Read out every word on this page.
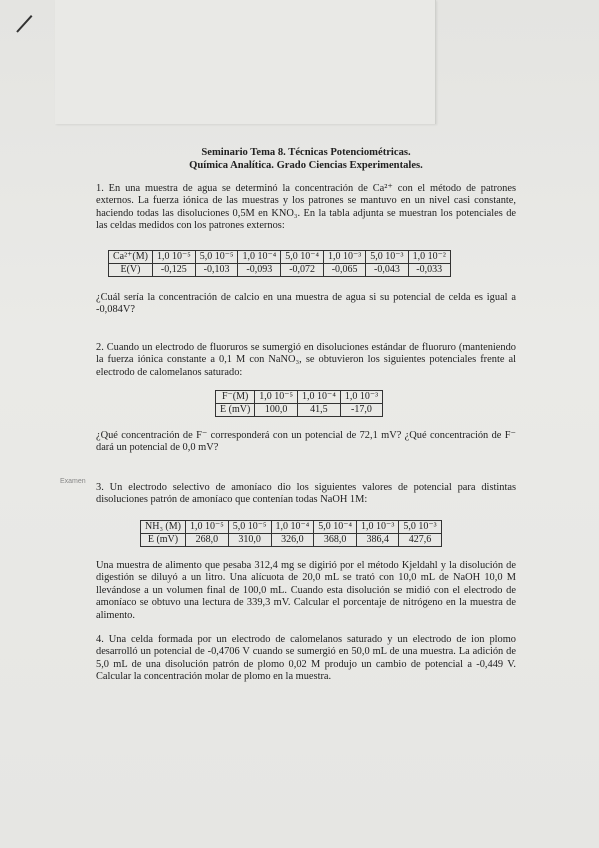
Examen

Seminario Tema 8. Técnicas Potenciométricas.

Química Analítica. Grado Ciencias Experimentales.

1. En una muestra de agua se determinó la concentración de Ca²⁺ con el método de patrones externos. La fuerza iónica de las muestras y los patrones se mantuvo en un nivel casi constante, haciendo todas las disoluciones 0,5M en KNO₃. En la tabla adjunta se muestran los potenciales de las celdas medidos con los patrones externos:

Ca²⁺(M)	1,0 10⁻⁵	5,0 10⁻⁵	1,0 10⁻⁴	5,0 10⁻⁴	1,0 10⁻³	5,0 10⁻³	1,0 10⁻²
E(V)	-0,125	-0,103	-0,093	-0,072	-0,065	-0,043	-0,033

¿Cuál sería la concentración de calcio en una muestra de agua si su potencial de celda es igual a -0,084V?

2. Cuando un electrodo de fluoruros se sumergió en disoluciones estándar de fluoruro (manteniendo la fuerza iónica constante a 0,1 M con NaNO₃, se obtuvieron los siguientes potenciales frente al electrodo de calomelanos saturado:

F⁻(M)	1,0 10⁻⁵	1,0 10⁻⁴	1,0 10⁻³
E (mV)	100,0	41,5	-17,0

¿Qué concentración de F⁻ corresponderá con un potencial de 72,1 mV? ¿Qué concentración de F⁻ dará un potencial de 0,0 mV?

3. Un electrodo selectivo de amoníaco dio los siguientes valores de potencial para distintas disoluciones patrón de amoníaco que contenían todas NaOH 1M:

NH₃ (M)	1,0 10⁻⁵	5,0 10⁻⁵	1,0 10⁻⁴	5,0 10⁻⁴	1,0 10⁻³	5,0 10⁻³
E (mV)	268,0	310,0	326,0	368,0	386,4	427,6

Una muestra de alimento que pesaba 312,4 mg se digirió por el método Kjeldahl y la disolución de digestión se diluyó a un litro. Una alícuota de 20,0 mL se trató con 10,0 mL de NaOH 10,0 M llevándose a un volumen final de 100,0 mL. Cuando esta disolución se midió con el electrodo de amoníaco se obtuvo una lectura de 339,3 mV. Calcular el porcentaje de nitrógeno en la muestra de alimento.

4. Una celda formada por un electrodo de calomelanos saturado y un electrodo de ion plomo desarrolló un potencial de -0,4706 V cuando se sumergió en 50,0 mL de una muestra. La adición de 5,0 mL de una disolución patrón de plomo 0,02 M produjo un cambio de potencial a -0,449 V. Calcular la concentración molar de plomo en la muestra.
